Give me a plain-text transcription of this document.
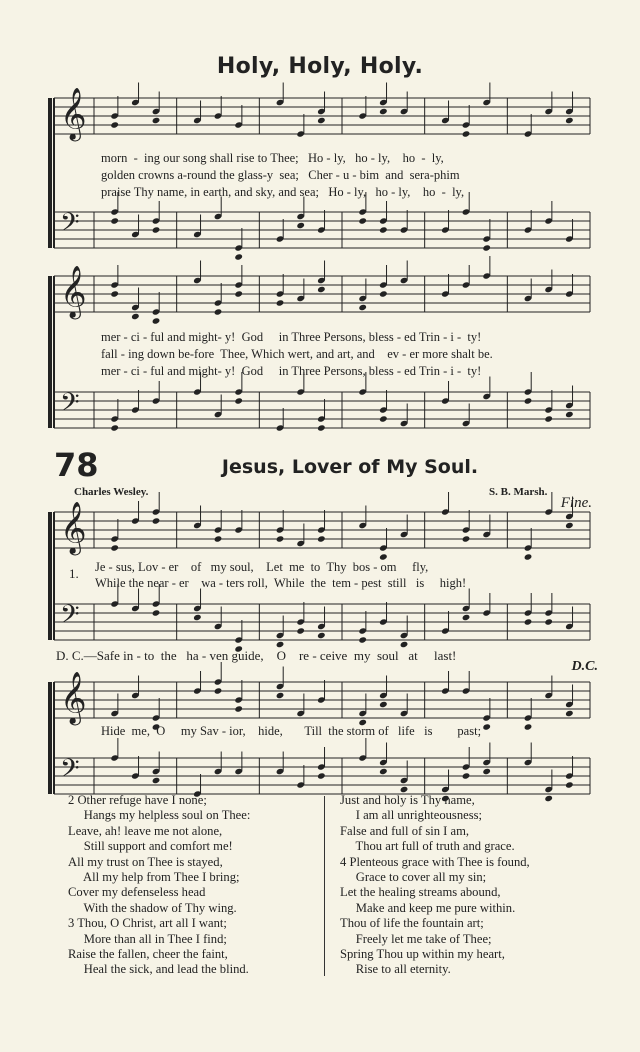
𝄞
𝄢
𝄞
𝄢
𝄞
𝄢
𝄞
𝄢
Holy, Holy, Holy.
morn  -  ing our song shall rise to Thee;   Ho - ly,   ho - ly,    ho  -  ly,
golden crowns a-round the glass-y  sea;   Cher - u - bim  and  sera-phim
praise Thy name, in earth, and sky, and sea;   Ho - ly,   ho - ly,    ho  -  ly,
mer - ci - ful and might- y!  God     in Three Persons, bless - ed Trin - i -  ty!
fall - ing down be-fore  Thee, Which wert, and art, and    ev - er more shalt be.
mer - ci - ful and might- y!  God     in Three Persons, bless - ed Trin - i -  ty!
78	Jesus, Lover of My Soul.
Charles Wesley.	S. B. Marsh.
Fine.
1. Je - sus, Lov - er    of   my soul,    Let  me  to  Thy  bos - om     fly,
While the near - er    wa - ters roll,  While  the  tem - pest  still   is     high!
D. C.—Safe in - to  the   ha - ven guide,    O    re - ceive  my  soul   at     last!
D.C.
Hide  me,  O     my Sav - ior,    hide,       Till  the storm of   life   is        past;
2 Other refuge have I none;
Hangs my helpless soul on Thee:
Leave, ah! leave me not alone,
Still support and comfort me!
All my trust on Thee is stayed,
All my help from Thee I bring;
Cover my defenseless head
With the shadow of Thy wing.
3 Thou, O Christ, art all I want;
More than all in Thee I find;
Raise the fallen, cheer the faint,
Heal the sick, and lead the blind.
Just and holy is Thy name,
I am all unrighteousness;
False and full of sin I am,
Thou art full of truth and grace.
4 Plenteous grace with Thee is found,
Grace to cover all my sin;
Let the healing streams abound,
Make and keep me pure within.
Thou of life the fountain art;
Freely let me take of Thee;
Spring Thou up within my heart,
Rise to all eternity.
